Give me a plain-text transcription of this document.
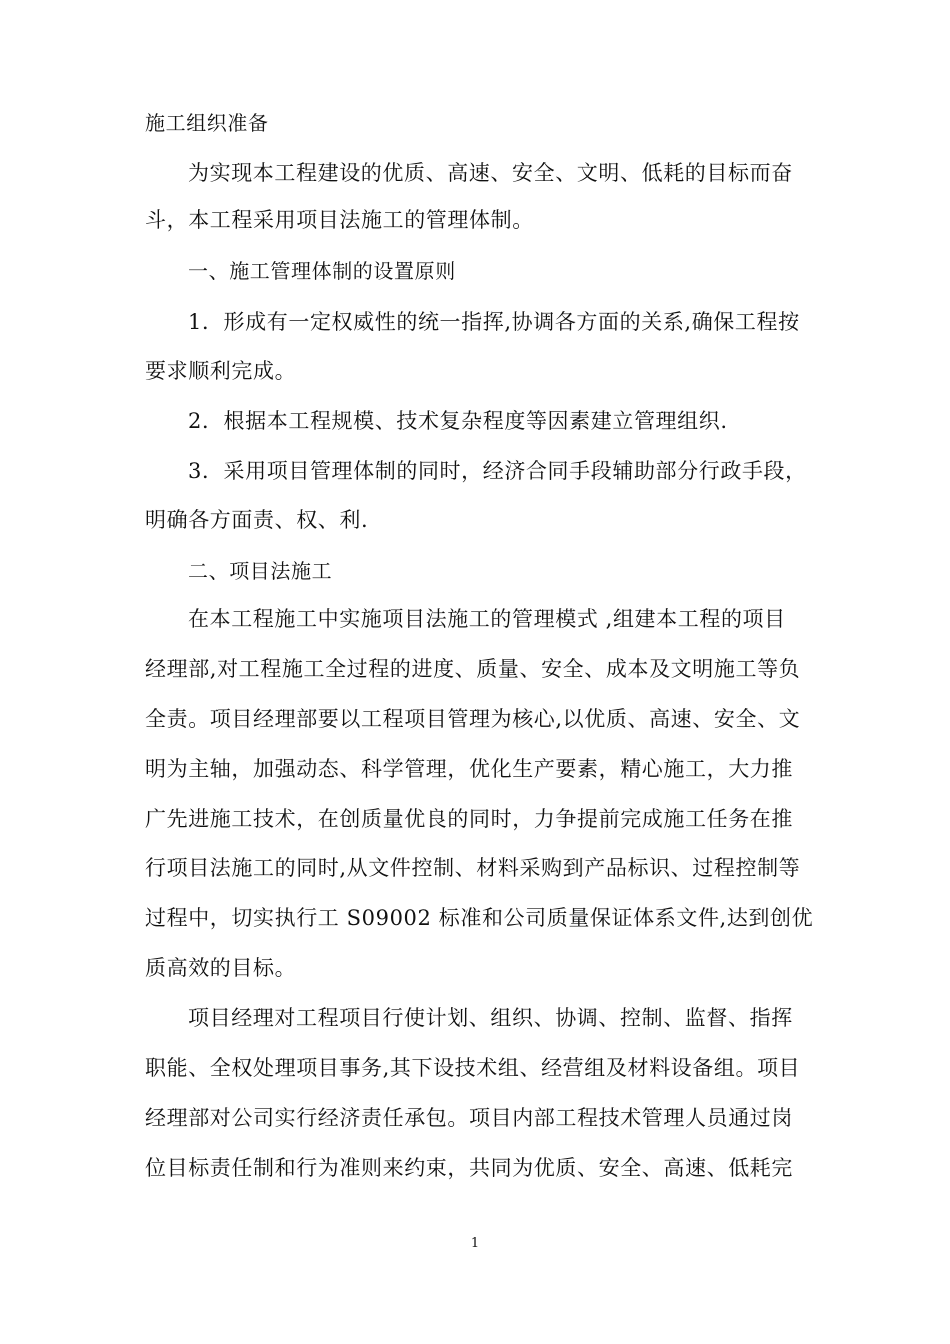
施工组织准备
为实现本工程建设的优质、高速、安全、文明、低耗的目标而奋
斗，本工程采用项目法施工的管理体制。
一、施工管理体制的设置原则
1．形成有一定权威性的统一指挥,协调各方面的关系,确保工程按
要求顺利完成。
2．根据本工程规模、技术复杂程度等因素建立管理组织.
3．采用项目管理体制的同时，经济合同手段辅助部分行政手段，
明确各方面责、权、利.
二、项目法施工
在本工程施工中实施项目法施工的管理模式 ,组建本工程的项目
经理部,对工程施工全过程的进度、质量、安全、成本及文明施工等负
全责。项目经理部要以工程项目管理为核心,以优质、高速、安全、文
明为主轴，加强动态、科学管理，优化生产要素，精心施工，大力推
广先进施工技术，在创质量优良的同时，力争提前完成施工任务在推
行项目法施工的同时,从文件控制、材料采购到产品标识、过程控制等
过程中，切实执行工 S09002 标准和公司质量保证体系文件,达到创优
质高效的目标。
项目经理对工程项目行使计划、组织、协调、控制、监督、指挥
职能、全权处理项目事务,其下设技术组、经营组及材料设备组。项目
经理部对公司实行经济责任承包。项目内部工程技术管理人员通过岗
位目标责任制和行为准则来约束，共同为优质、安全、高速、低耗完
1
